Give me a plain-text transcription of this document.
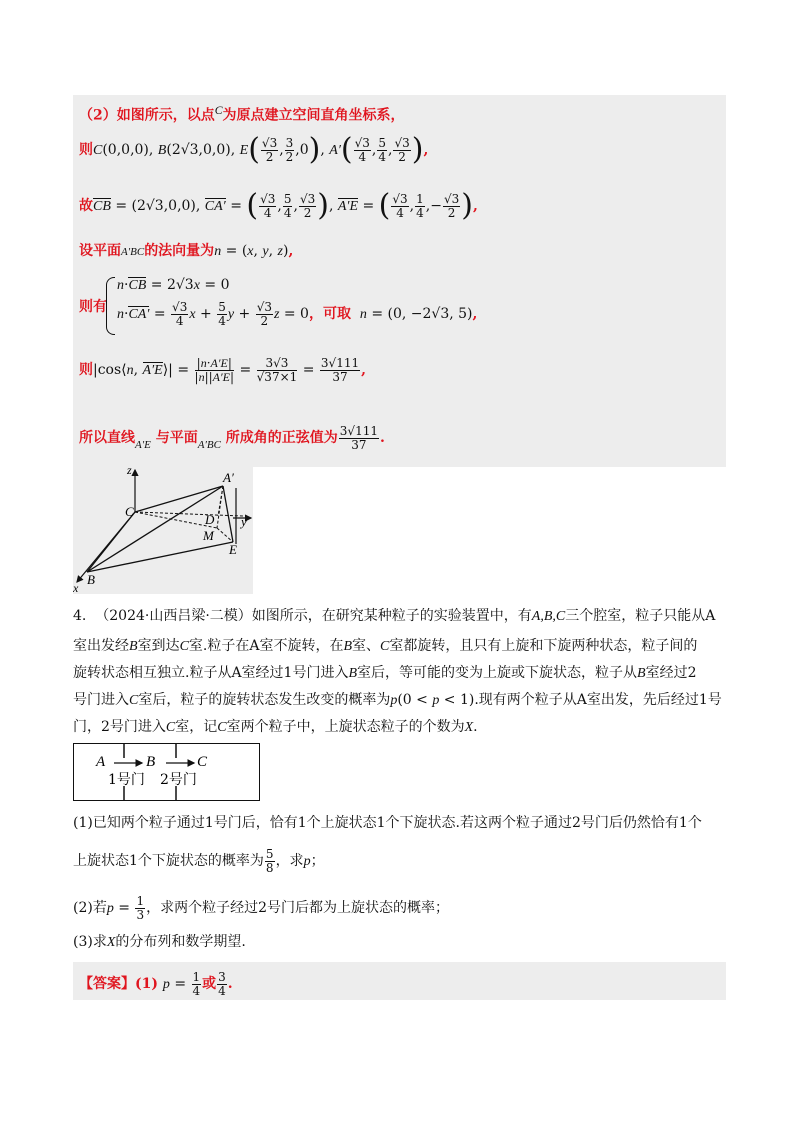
（2）如图所示，以点$^C$为原点建立空间直角坐标系，
则C(0,0,0), B(2√3,0,0), $E( \frac{√3}{2}$ , $\frac{3}{2} ,0$), $A'( \frac{√3}{4}$ , $\frac{5}{4}$ , $\frac{√3}{2}$ ),
故CB = (2√3,0,0), CA′ = ( $\frac{√3}{4}$ , $\frac{5}{4}$ , $\frac{√3}{2}$ ), A′E = ( $\frac{√3}{4}$ , $\frac{1}{4}$ ,− $\frac{√3}{2}$ ),
设平面A′BC的法向量为n = (x, y, z),
则有
n·CB = 2√3x = 0
$n\cdot CA' = \frac{√3}{4}$ $x + \frac{5}{4}$ $y + \frac{√3}{2}$ z = 0，可取 n = (0, −2√3, 5),
则|cos⟨n, A′E⟩| = $\frac{|n\cdot A'E|}{|n||A'E|} = \frac{3√3}{√37\times 1} = \frac{3√111}{37}$ ,
所以直线$_{A'E}$ 与平面$_{A'BC}$ 所成角的正弦值为 $\frac{3√111}{37}$ .
z
y
x
C
A′
D
M
E
B
4. （2024·山西吕梁·二模）如图所示，在研究某种粒子的实验装置中，有A,B,C三个腔室，粒子只能从A
室出发经B室到达C室.粒子在A室不旋转，在B室、C室都旋转，且只有上旋和下旋两种状态，粒子间的
旋转状态相互独立.粒子从A室经过1号门进入B室后，等可能的变为上旋或下旋状态，粒子从B室经过2
号门进入C室后，粒子的旋转状态发生改变的概率为p(0 < p < 1).现有两个粒子从A室出发，先后经过1号
门，2号门进入C室，记C室两个粒子中，上旋状态粒子的个数为X.
A	B	C
1号门 2号门
(1)已知两个粒子通过1号门后，恰有1个上旋状态1个下旋状态.若这两个粒子通过2号门后仍然恰有1个
上旋状态1个下旋状态的概率为 $\frac{5}{8}$ ，求p；
(2)若$p = \frac{1}{3}$ ，求两个粒子经过2号门后都为上旋状态的概率；
(3)求X的分布列和数学期望.
【答案】(1) $p = \frac{1}{4}$ 或 $\frac{3}{4}$ .
